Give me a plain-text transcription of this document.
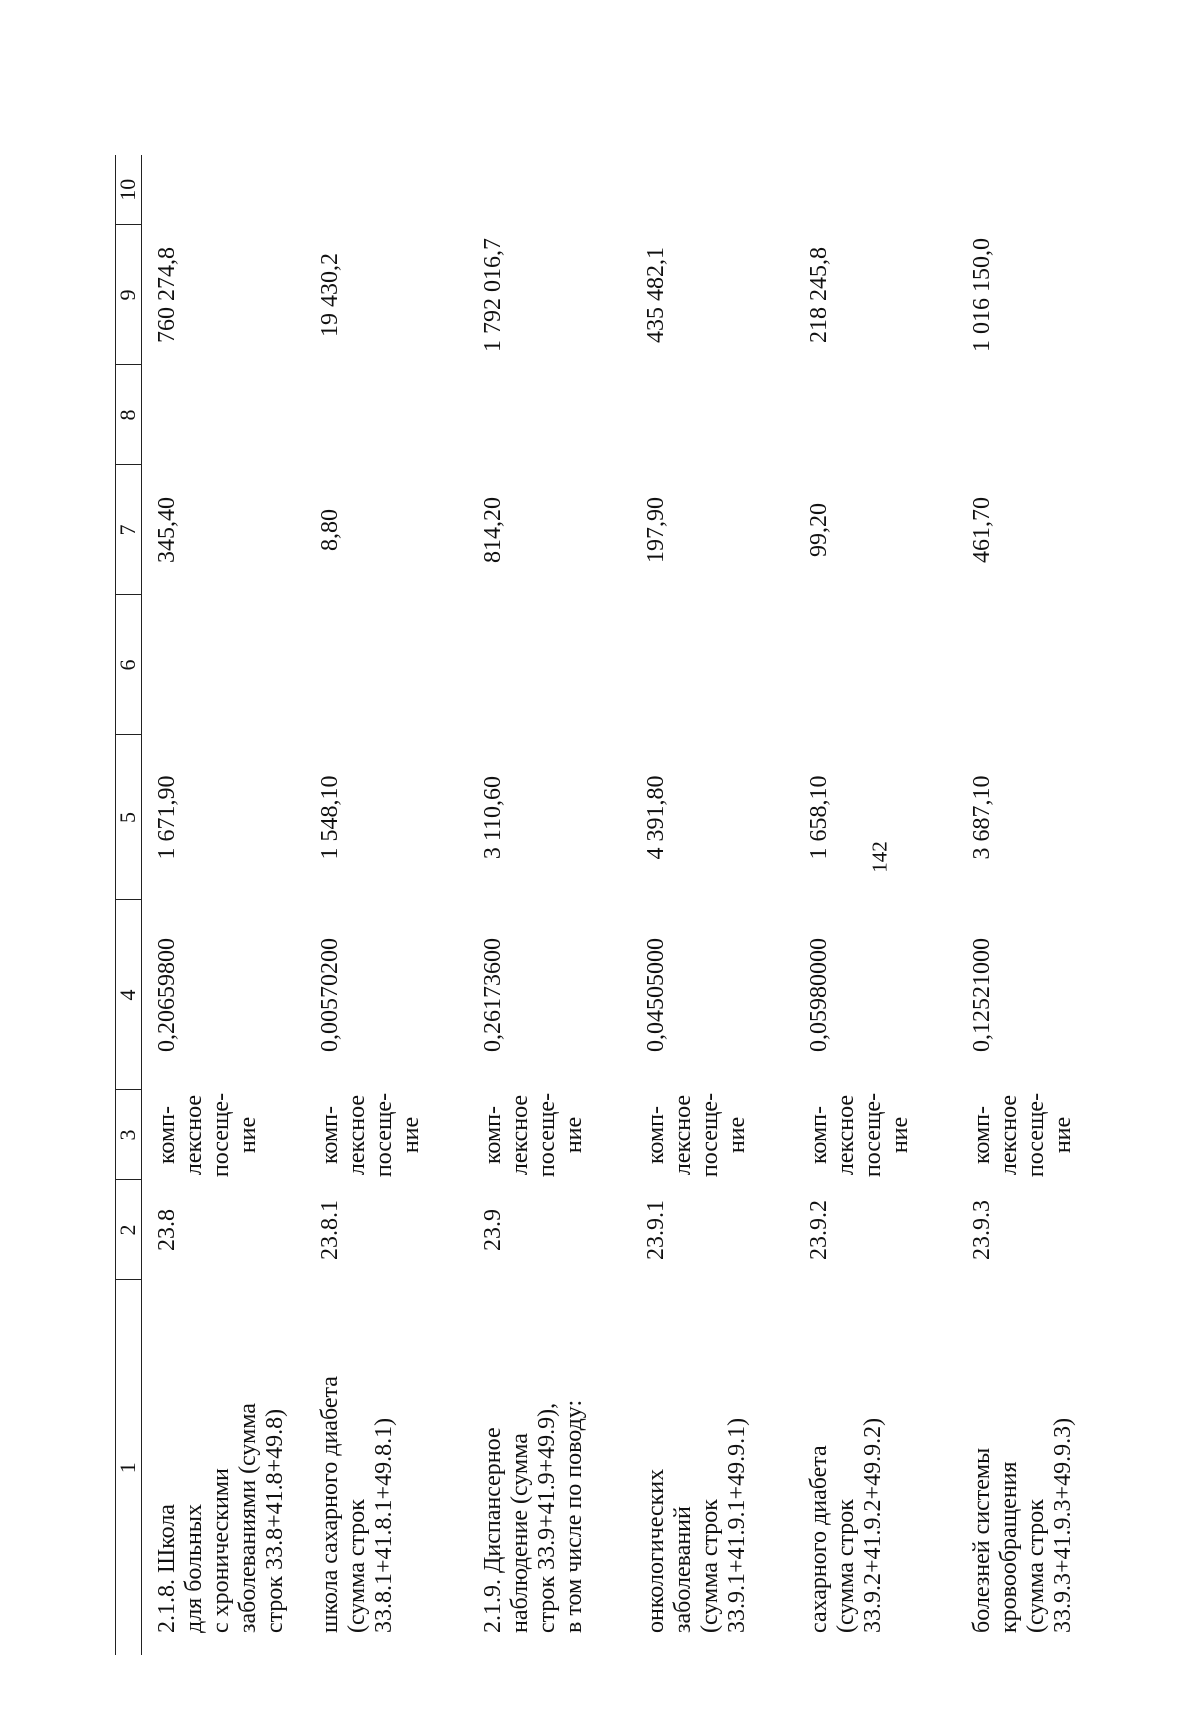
142
1	2	3	4	5	6	7	8	9	10

2.1.8. Школа для больных с хроническими заболеваниями (сумма строк 33.8+41.8+49.8)	23.8	комп- лексное посеще- ние	0,20659800	1 671,90		345,40		760 274,8	

школа сахарного диабета (сумма строк 33.8.1+41.8.1+49.8.1)	23.8.1	комп- лексное посеще- ние	0,00570200	1 548,10		8,80		19 430,2	

2.1.9. Диспансерное наблюдение (сумма строк 33.9+41.9+49.9), в том числе по поводу:	23.9	комп- лексное посеще- ние	0,26173600	3 110,60		814,20		1 792 016,7	

онкологических заболеваний (сумма строк 33.9.1+41.9.1+49.9.1)	23.9.1	комп- лексное посеще- ние	0,04505000	4 391,80		197,90		435 482,1	

сахарного диабета (сумма строк 33.9.2+41.9.2+49.9.2)	23.9.2	комп- лексное посеще- ние	0,05980000	1 658,10		99,20		218 245,8	

болезней системы кровообращения (сумма строк 33.9.3+41.9.3+49.9.3)	23.9.3	комп- лексное посеще- ние	0,12521000	3 687,10		461,70		1 016 150,0	
